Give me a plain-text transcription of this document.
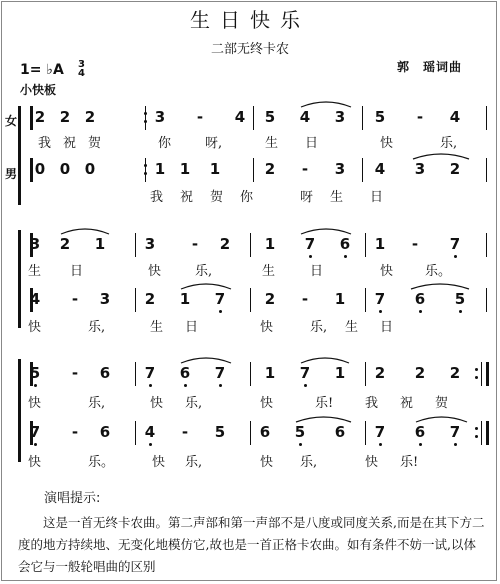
生日快乐
二部无终卡农
郭　瑶词曲
1= ♭A 3
4
小快板
女
男
2 2 2	3 - 4 5 4 3 5 - 4
我 祝 贺	你	呀,	生 日	快	乐,
0 0 0	1 1 1	2 - 3 4 3 2
我 祝 贺 你	呀 生 日
3 2 1	3 - 2 1 7 6 1 - 7
生 日	快	乐,	生	日	快 乐。
4 - 3 2 1 7	2 - 1 7 6 5
快	乐,	生 日	快	乐, 生 日
5 - 6 7 6 7	1 7 1 2 2 2
快	乐,	快 乐,	快	乐! 我 祝 贺
7 - 6 4 - 5 6 5 6 7 6 7
快	乐。	快 乐,	快 乐,	快 乐!
演唱提示:
　　这是一首无终卡农曲。第二声部和第一声部不是八度或同度关系,而是在其下方二度的地方持续地、无变化地模仿它,故也是一首正格卡农曲。如有条件不妨一试,以体会它与一般轮唱曲的区别
